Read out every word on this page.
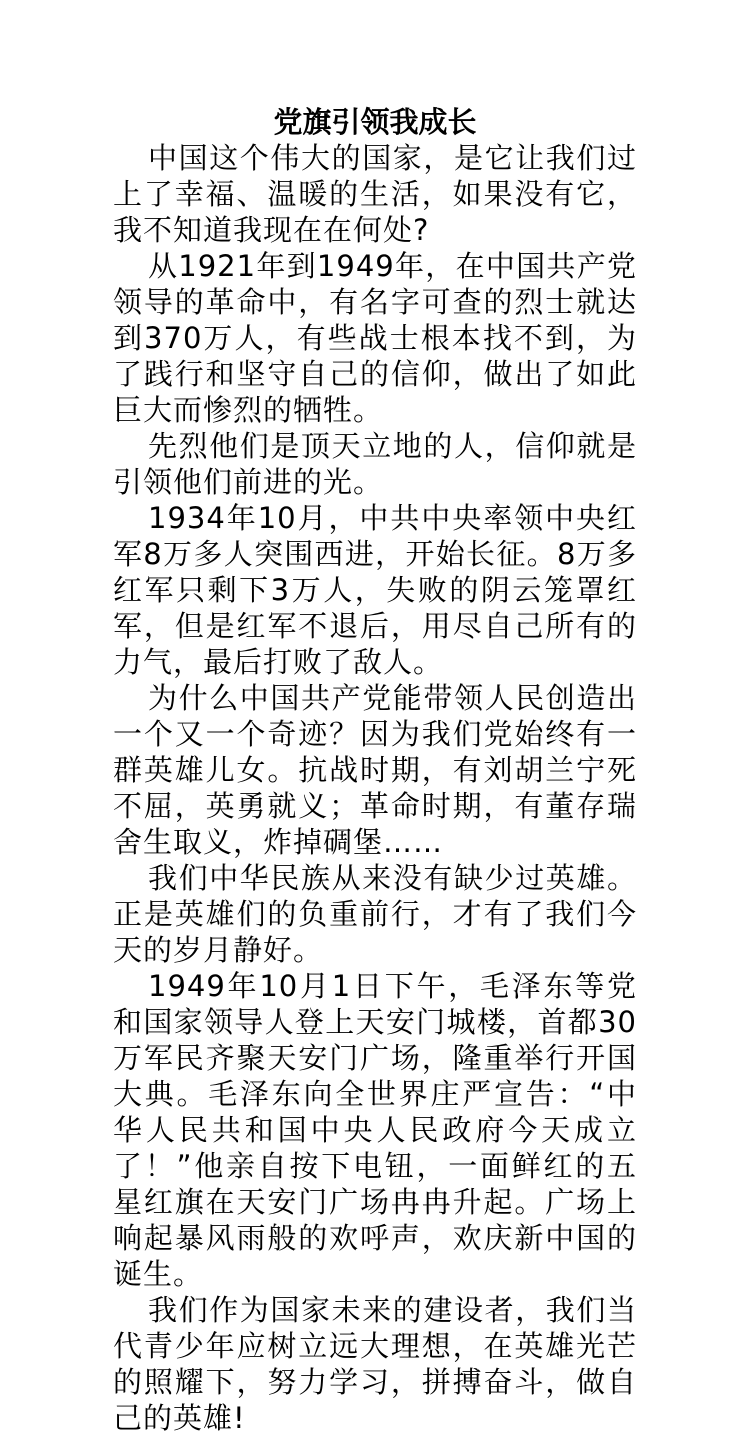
党旗引领我成长

中国这个伟大的国家，是它让我们过上了幸福、温暖的生活，如果没有它，我不知道我现在在何处?

从1921年到1949年，在中国共产党领导的革命中，有名字可查的烈士就达到370万人，有些战士根本找不到，为了践行和坚守自己的信仰，做出了如此巨大而惨烈的牺牲。

先烈他们是顶天立地的人，信仰就是引领他们前进的光。

1934年10月，中共中央率领中央红军8万多人突围西进，开始长征。8万多红军只剩下3万人，失败的阴云笼罩红军，但是红军不退后，用尽自己所有的力气，最后打败了敌人。

为什么中国共产党能带领人民创造出一个又一个奇迹？因为我们党始终有一群英雄儿女。抗战时期，有刘胡兰宁死不屈，英勇就义；革命时期，有董存瑞舍生取义，炸掉碉堡……

我们中华民族从来没有缺少过英雄。正是英雄们的负重前行，才有了我们今天的岁月静好。

1949年10月1日下午，毛泽东等党和国家领导人登上天安门城楼，首都30万军民齐聚天安门广场，隆重举行开国大典。毛泽东向全世界庄严宣告：“中华人民共和国中央人民政府今天成立了！”他亲自按下电钮，一面鲜红的五星红旗在天安门广场冉冉升起。广场上响起暴风雨般的欢呼声，欢庆新中国的诞生。

我们作为国家未来的建设者，我们当代青少年应树立远大理想，在英雄光芒的照耀下，努力学习，拼搏奋斗，做自己的英雄!
